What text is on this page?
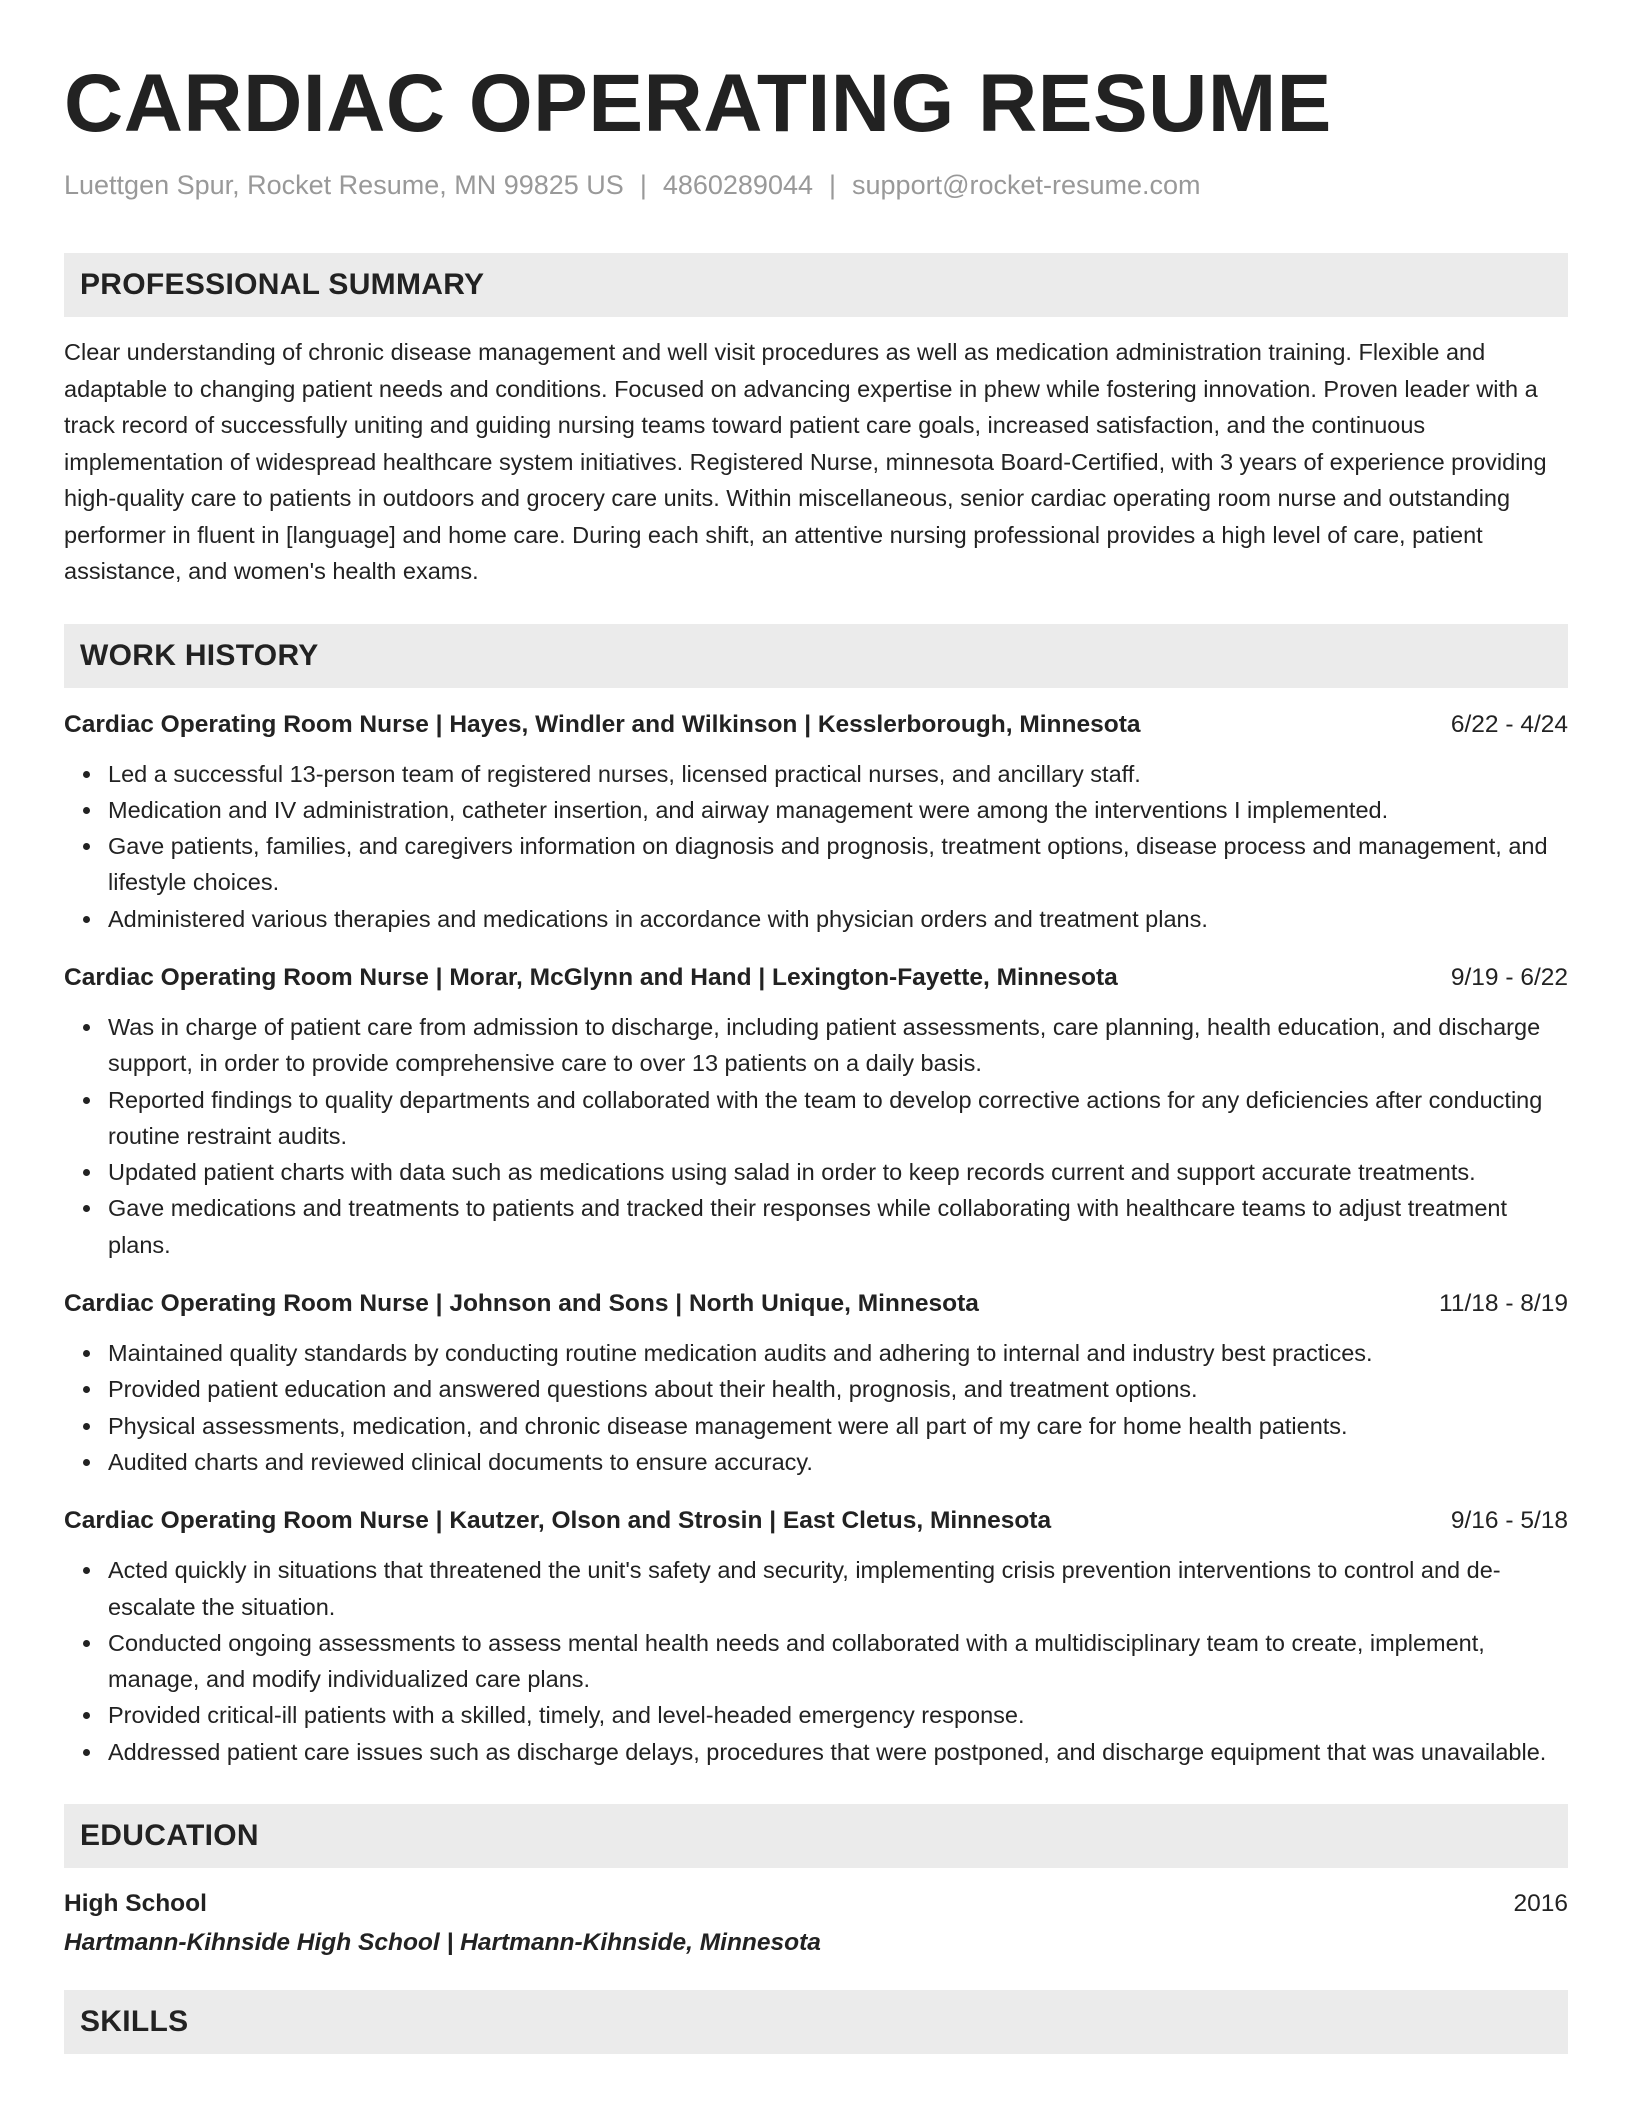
CARDIAC OPERATING RESUME
Luettgen Spur, Rocket Resume, MN 99825 US | 4860289044 | support@rocket-resume.com
PROFESSIONAL SUMMARY

Clear understanding of chronic disease management and well visit procedures as well as medication administration training. Flexible and adaptable to changing patient needs and conditions. Focused on advancing expertise in phew while fostering innovation. Proven leader with a track record of successfully uniting and guiding nursing teams toward patient care goals, increased satisfaction, and the continuous implementation of widespread healthcare system initiatives. Registered Nurse, minnesota Board-Certified, with 3 years of experience providing high-quality care to patients in outdoors and grocery care units. Within miscellaneous, senior cardiac operating room nurse and outstanding performer in fluent in [language] and home care. During each shift, an attentive nursing professional provides a high level of care, patient assistance, and women's health exams.

WORK HISTORY
Cardiac Operating Room Nurse | Hayes, Windler and Wilkinson | Kesslerborough, Minnesota	6/22 - 4/24
Led a successful 13-person team of registered nurses, licensed practical nurses, and ancillary staff.
Medication and IV administration, catheter insertion, and airway management were among the interventions I implemented.
Gave patients, families, and caregivers information on diagnosis and prognosis, treatment options, disease process and management, and lifestyle choices.
Administered various therapies and medications in accordance with physician orders and treatment plans.
Cardiac Operating Room Nurse | Morar, McGlynn and Hand | Lexington-Fayette, Minnesota	9/19 - 6/22
Was in charge of patient care from admission to discharge, including patient assessments, care planning, health education, and discharge support, in order to provide comprehensive care to over 13 patients on a daily basis.
Reported findings to quality departments and collaborated with the team to develop corrective actions for any deficiencies after conducting routine restraint audits.
Updated patient charts with data such as medications using salad in order to keep records current and support accurate treatments.
Gave medications and treatments to patients and tracked their responses while collaborating with healthcare teams to adjust treatment plans.
Cardiac Operating Room Nurse | Johnson and Sons | North Unique, Minnesota	11/18 - 8/19
Maintained quality standards by conducting routine medication audits and adhering to internal and industry best practices.
Provided patient education and answered questions about their health, prognosis, and treatment options.
Physical assessments, medication, and chronic disease management were all part of my care for home health patients.
Audited charts and reviewed clinical documents to ensure accuracy.
Cardiac Operating Room Nurse | Kautzer, Olson and Strosin | East Cletus, Minnesota	9/16 - 5/18
Acted quickly in situations that threatened the unit's safety and security, implementing crisis prevention interventions to control and de-escalate the situation.
Conducted ongoing assessments to assess mental health needs and collaborated with a multidisciplinary team to create, implement, manage, and modify individualized care plans.
Provided critical-ill patients with a skilled, timely, and level-headed emergency response.
Addressed patient care issues such as discharge delays, procedures that were postponed, and discharge equipment that was unavailable.
EDUCATION
High School	2016
Hartmann-Kihnside High School | Hartmann-Kihnside, Minnesota
SKILLS
